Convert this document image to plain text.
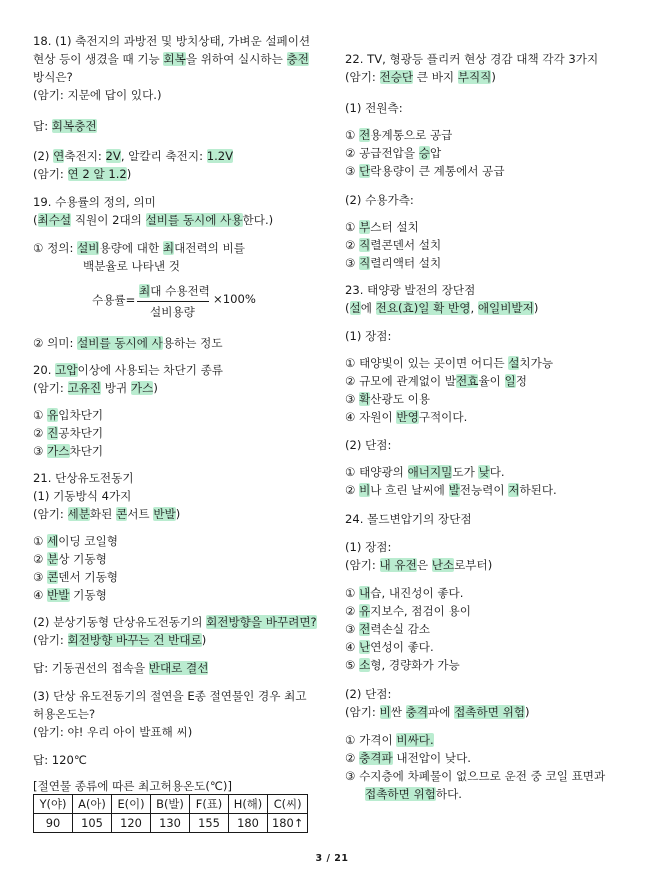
18. (1) 축전지의 과방전 및 방치상태, 가벼운 설페이션
현상 등이 생겼을 때 기능 회복을 위하여 실시하는 충전
방식은?
(암기: 지문에 답이 있다.)
답: 회복충전
(2) 연축전지: 2V, 알칼리 축전지: 1.2V
(암기: 연 2 알 1.2)
19. 수용률의 정의, 의미
(최수설 직원이 2대의 설비를 동시에 사용한다.)
① 정의: 설비용량에 대한 최대전력의 비를
백분율로 나타낸 것
② 의미: 설비를 동시에 사용하는 정도
20. 고압이상에 사용되는 차단기 종류
(암기: 고유진 방귀 가스)
① 유입차단기
② 진공차단기
③ 가스차단기
21. 단상유도전동기
(1) 기동방식 4가지
(암기: 세분화된 콘서트 반발)
① 세이딩 코일형
② 분상 기동형
③ 콘덴서 기동형
④ 반발 기동형
(2) 분상기동형 단상유도전동기의 회전방향을 바꾸려면?
(암기: 회전방향 바꾸는 건 반대로)
답: 기동권선의 접속을 반대로 결선
(3) 단상 유도전동기의 절연을 E종 절연물인 경우 최고
허용온도는?
(암기: 야! 우리 아이 발표해 씨)
답: 120℃
[절연물 종류에 따른 최고허용온도(℃)]
22. TV, 형광등 플리커 현상 경감 대책 각각 3가지
(암기: 전승단 큰 바지 부직직)
(1) 전원측:
① 전용계통으로 공급
② 공급전압을 승압
③ 단락용량이 큰 계통에서 공급
(2) 수용가측:
① 부스터 설치
② 직렬콘덴서 설치
③ 직렬리액터 설치
23. 태양광 발전의 장단점
(설에 전요(효)일 확 반영, 애일비발저)
(1) 장점:
① 태양빛이 있는 곳이면 어디든 설치가능
② 규모에 관계없이 발전효율이 일정
③ 확산광도 이용
④ 자원이 반영구적이다.
(2) 단점:
① 태양광의 애너지밀도가 낮다.
② 비나 흐린 날씨에 발전능력이 저하된다.
24. 몰드변압기의 장단점
(1) 장점:
(암기: 내 유전은 난소로부터)
① 내습, 내진성이 좋다.
② 유지보수, 점검이 용이
③ 전력손실 감소
④ 난연성이 좋다.
⑤ 소형, 경량화가 가능
(2) 단점:
(암기: 비싼 충격파에 접촉하면 위험)
① 가격이 비싸다.
② 충격파 내전압이 낮다.
③ 수지층에 차폐물이 없으므로 운전 중 코일 표면과
접촉하면 위험하다.
수용률=
최대 수용전력
설비용량
×100%
Y(야)	A(아)	E(이)	B(발)	F(표)	H(해)	C(씨)
90	105	120	130	155	180	180↑
3 / 21
